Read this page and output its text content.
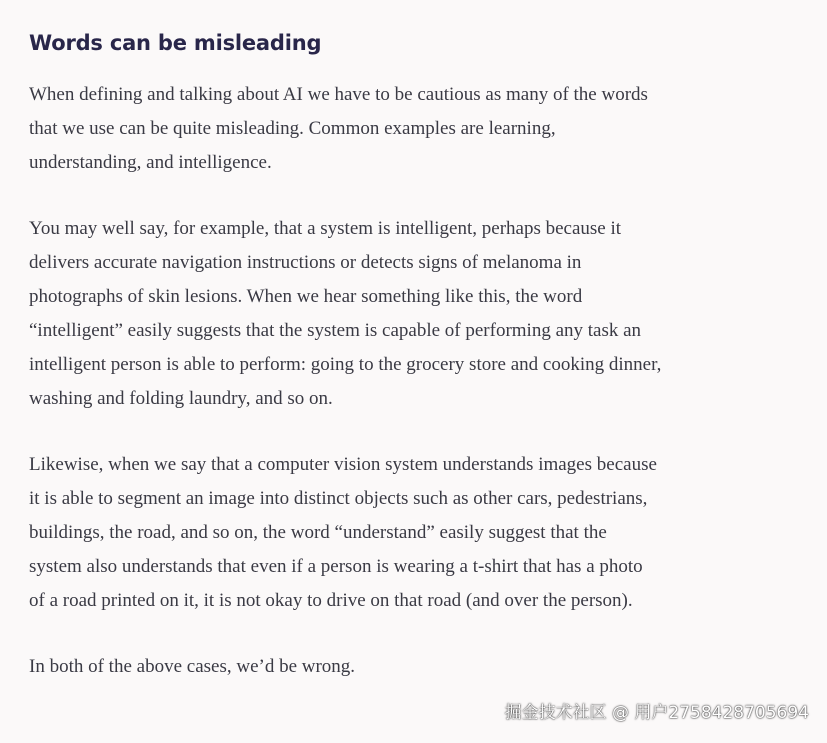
Words can be misleading

When defining and talking about AI we have to be cautious as many of the words
that we use can be quite misleading. Common examples are learning,
understanding, and intelligence.

You may well say, for example, that a system is intelligent, perhaps because it
delivers accurate navigation instructions or detects signs of melanoma in
photographs of skin lesions. When we hear something like this, the word
“intelligent” easily suggests that the system is capable of performing any task an
intelligent person is able to perform: going to the grocery store and cooking dinner,
washing and folding laundry, and so on.

Likewise, when we say that a computer vision system understands images because
it is able to segment an image into distinct objects such as other cars, pedestrians,
buildings, the road, and so on, the word “understand” easily suggest that the
system also understands that even if a person is wearing a t-shirt that has a photo
of a road printed on it, it is not okay to drive on that road (and over the person).

In both of the above cases, we’d be wrong.

掘金技术社区 @ 用户2758428705694
